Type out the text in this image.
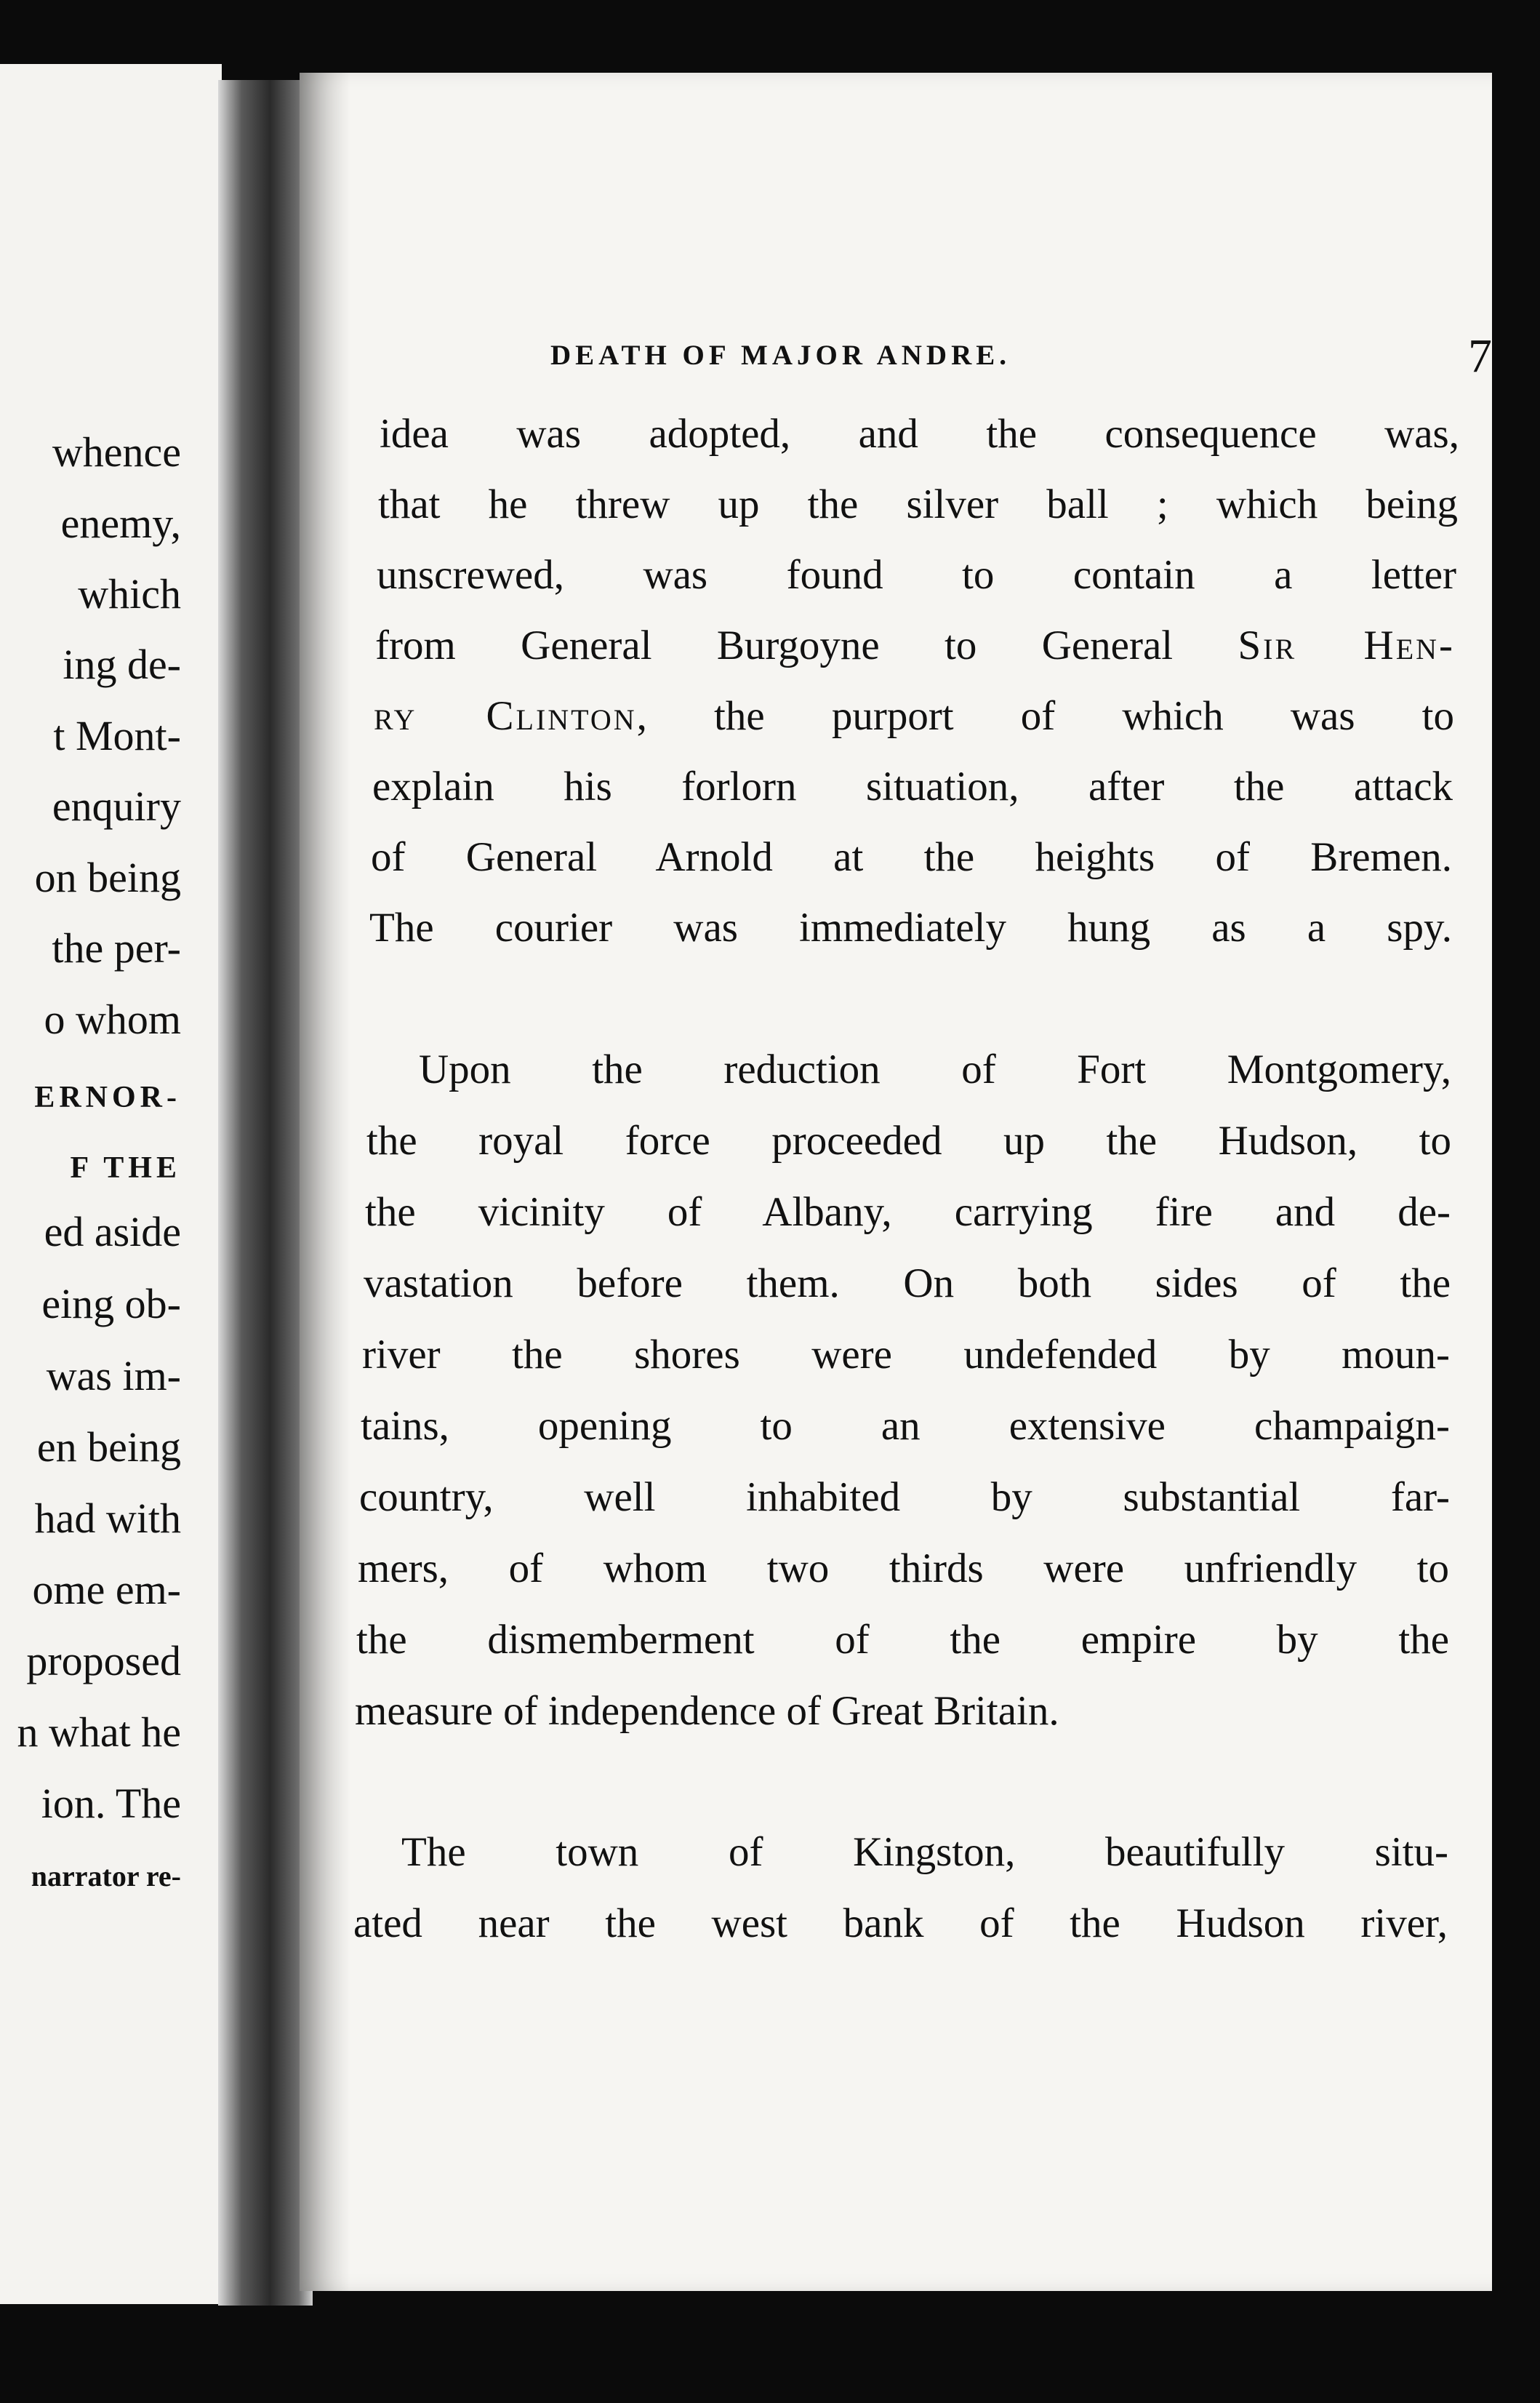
whence
enemy,
which
ing de-
t Mont-
enquiry
on being
the per-
o whom
ERNOR-
F THE
ed aside
eing ob-
was im-
en being
had with
ome em-
proposed
n what he
ion. The
narrator re-
DEATH OF MAJOR ANDRE.	7
idea was adopted, and the consequence was,
that he threw up the silver ball ; which being
unscrewed, was found to contain a letter
from General Burgoyne to General Sir Hen-
ry Clinton, the purport of which was to
explain his forlorn situation, after the attack
of General Arnold at the heights of Bremen.
The courier was immediately hung as a spy.
Upon the reduction of Fort Montgomery,
the royal force proceeded up the Hudson, to
the vicinity of Albany, carrying fire and de-
vastation before them. On both sides of the
river the shores were undefended by moun-
tains, opening to an extensive champaign-
country, well inhabited by substantial far-
mers, of whom two thirds were unfriendly to
the dismemberment of the empire by the
measure of independence of Great Britain.
The town of Kingston, beautifully situ-
ated near the west bank of the Hudson river,
